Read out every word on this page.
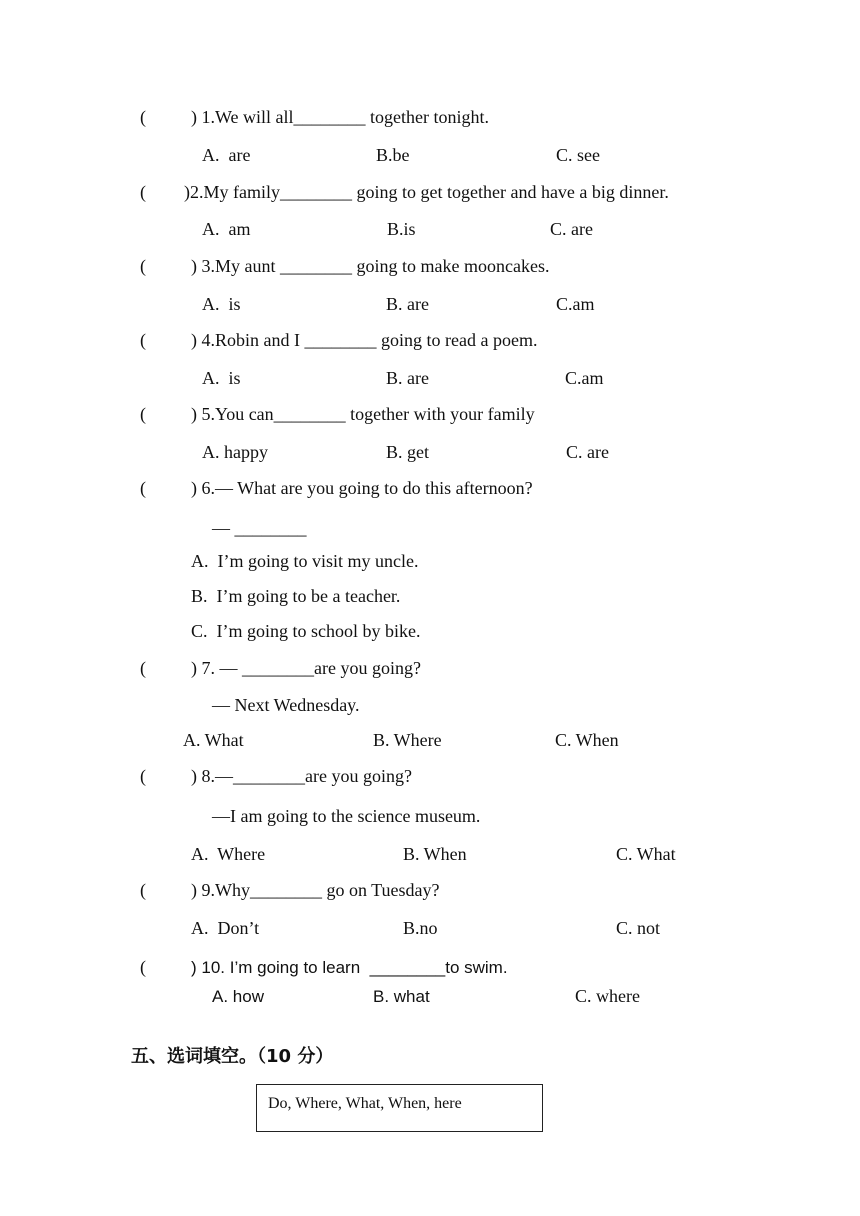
(	) 1.We will all________ together tonight.
A.  are	B.be	C. see
( )2.My family________ going to get together and have a big dinner.
A.  am	B.is	C. are
(	) 3.My aunt ________ going to make mooncakes.
A.  is	B. are	C.am
(	) 4.Robin and I ________ going to read a poem.
A.  is	B. are	C.am
(	) 5.You can________ together with your family
A. happy	B. get	C. are
(	) 6.— What are you going to do this afternoon?
— ________
A.  I’m going to visit my uncle.
B.  I’m going to be a teacher.
C.  I’m going to school by bike.
(	) 7. — ________are you going?
— Next Wednesday.
A. What	B. Where	C. When
(	) 8.—________are you going?
—I am going to the science museum.
A.  Where	B. When	C. What
(	) 9.Why________ go on Tuesday?
A.  Don’t	B.no	C. not
(	) 10. I’m going to learn  ________to swim.
A. how	B. what	C. where
五、选词填空。（10 分）
Do, Where, What, When, here
